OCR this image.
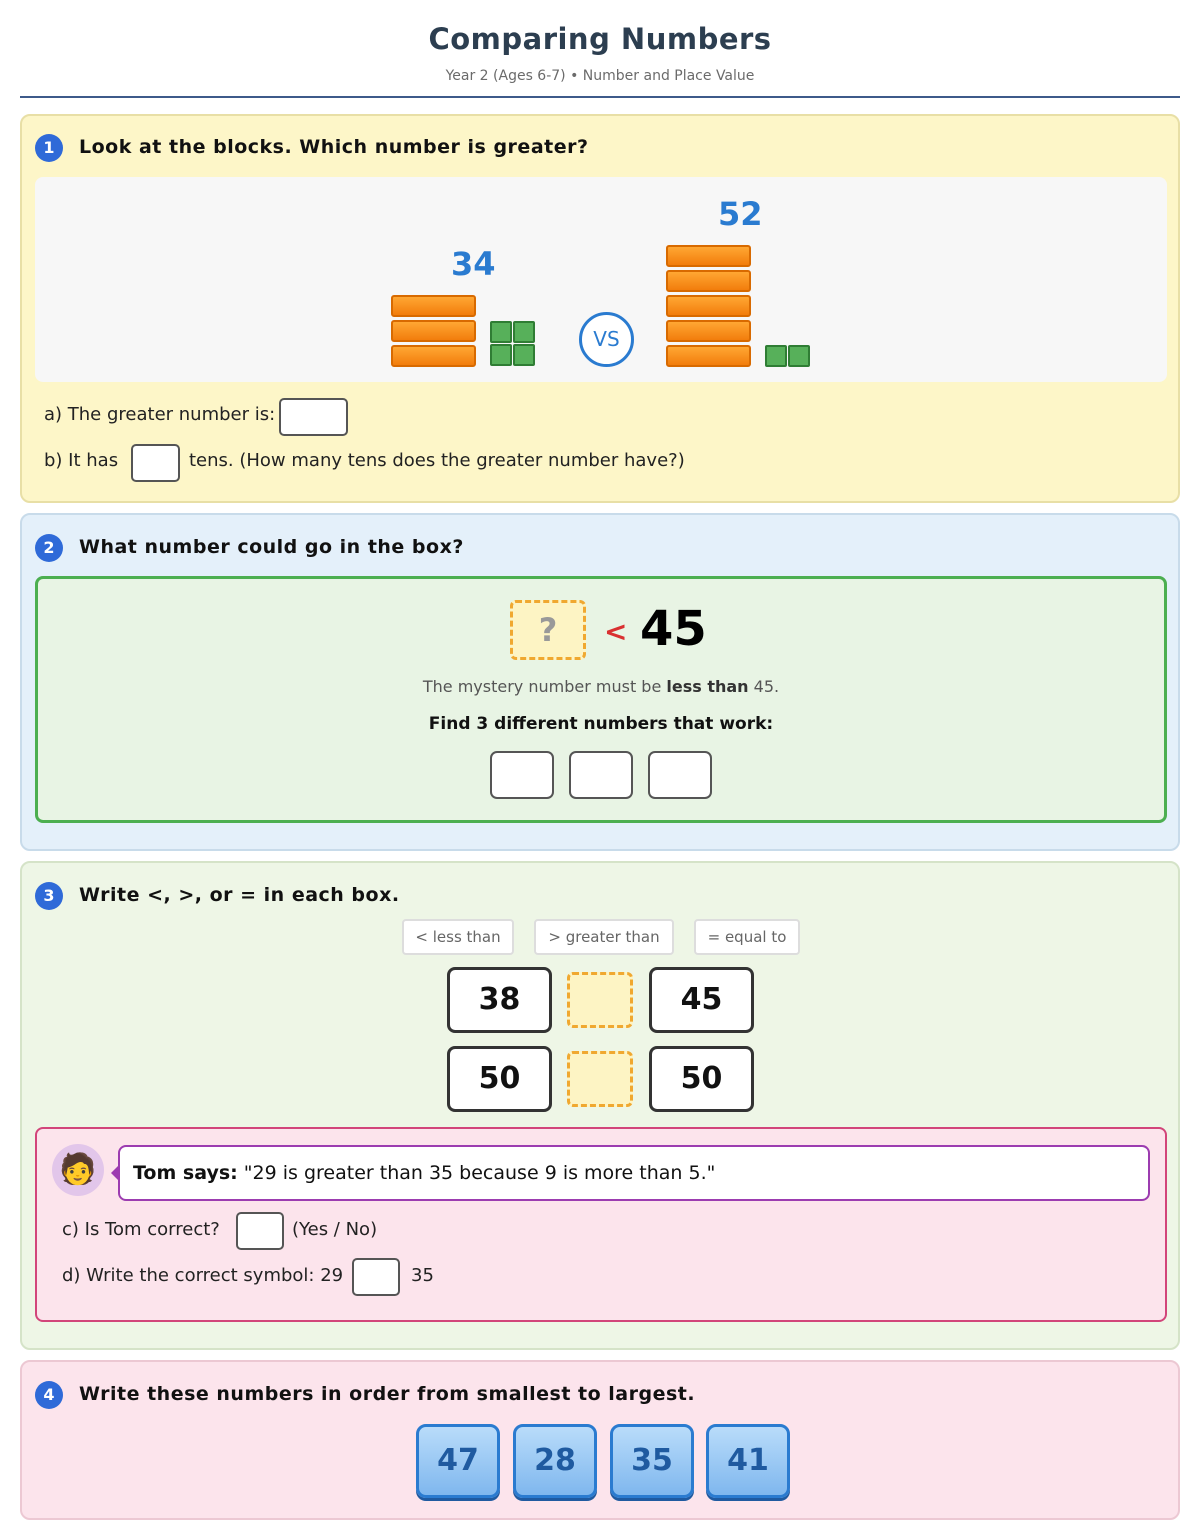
Comparing Numbers
Year 2 (Ages 6-7) • Number and Place Value
1	Look at the blocks. Which number is greater?
34
VS
52
a) The greater number is:
b) It has	tens. (How many tens does the greater number have?)
2	What number could go in the box?
?	< 45
The mystery number must be less than 45.
Find 3 different numbers that work:
3	Write <, >, or = in each box.
< less than	> greater than	= equal to
38	45
50	50
🧑	Tom says: "29 is greater than 35 because 9 is more than 5."
c) Is Tom correct?	(Yes / No)
d) Write the correct symbol: 29	35
4	Write these numbers in order from smallest to largest.
47	28	35	41
